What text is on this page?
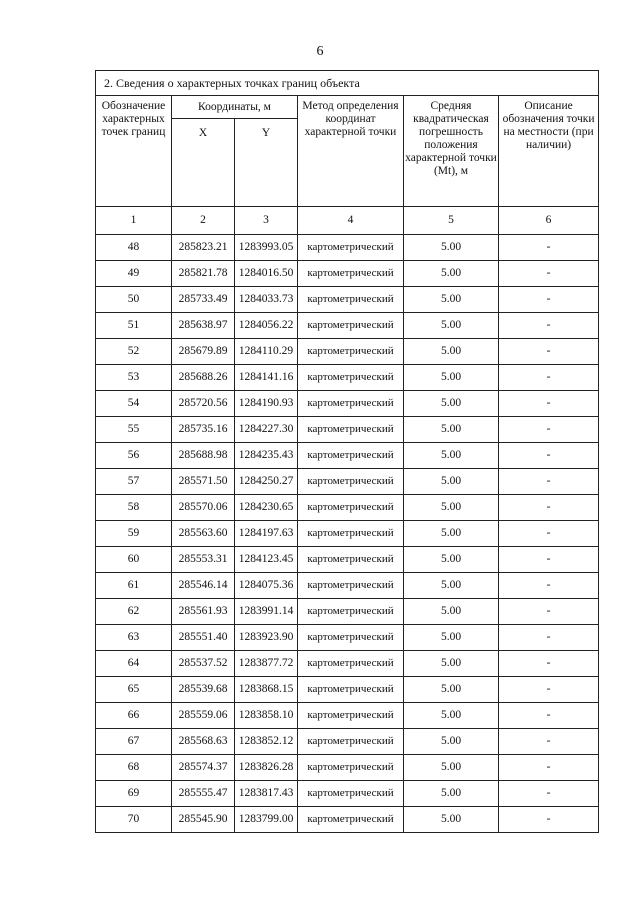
6
2. Сведения о характерных точках границ объекта					
Обозначение характерных точек границ	Координаты, м		Метод определения координат характерной точки	Средняя квадратическая погрешность положения характерной точки (Mt), м	Описание обозначения точки на местности (при наличии)
	X	Y			
1	2	3	4	5	6
48	285823.21	1283993.05	картометрический	5.00	-
49	285821.78	1284016.50	картометрический	5.00	-
50	285733.49	1284033.73	картометрический	5.00	-
51	285638.97	1284056.22	картометрический	5.00	-
52	285679.89	1284110.29	картометрический	5.00	-
53	285688.26	1284141.16	картометрический	5.00	-
54	285720.56	1284190.93	картометрический	5.00	-
55	285735.16	1284227.30	картометрический	5.00	-
56	285688.98	1284235.43	картометрический	5.00	-
57	285571.50	1284250.27	картометрический	5.00	-
58	285570.06	1284230.65	картометрический	5.00	-
59	285563.60	1284197.63	картометрический	5.00	-
60	285553.31	1284123.45	картометрический	5.00	-
61	285546.14	1284075.36	картометрический	5.00	-
62	285561.93	1283991.14	картометрический	5.00	-
63	285551.40	1283923.90	картометрический	5.00	-
64	285537.52	1283877.72	картометрический	5.00	-
65	285539.68	1283868.15	картометрический	5.00	-
66	285559.06	1283858.10	картометрический	5.00	-
67	285568.63	1283852.12	картометрический	5.00	-
68	285574.37	1283826.28	картометрический	5.00	-
69	285555.47	1283817.43	картометрический	5.00	-
70	285545.90	1283799.00	картометрический	5.00	-
